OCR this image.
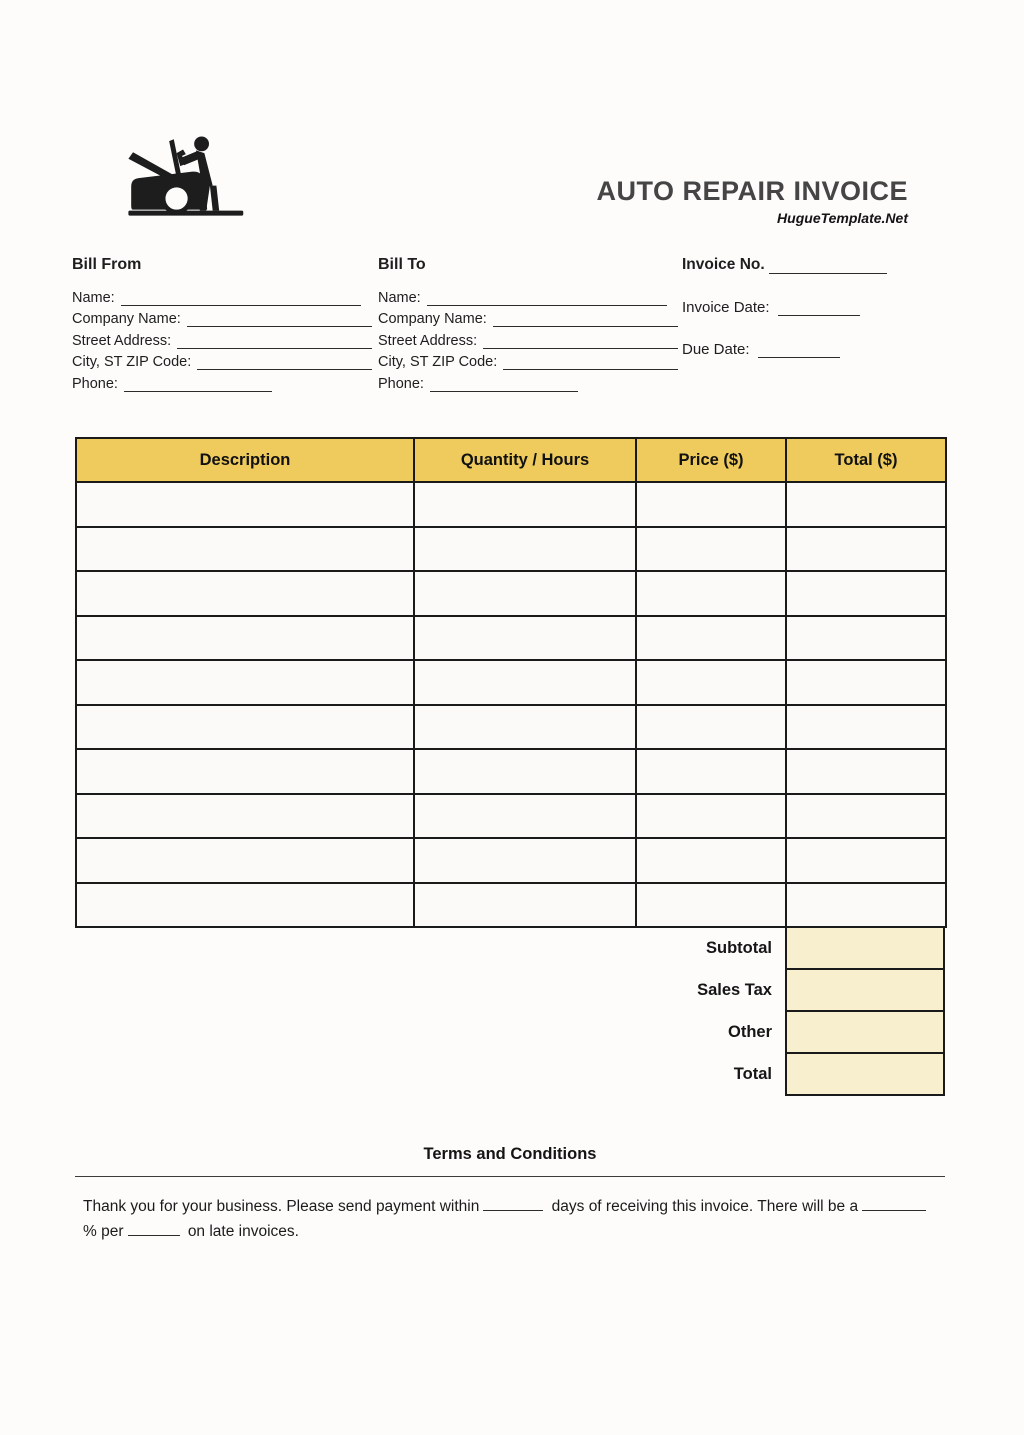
AUTO REPAIR INVOICE
HugueTemplate.Net
Bill From
Name:
Company Name:
Street Address:
City, ST ZIP Code:
Phone:
Bill To
Name:
Company Name:
Street Address:
City, ST ZIP Code:
Phone:
Invoice No.
Invoice Date:
Due Date:
Description	Quantity / Hours	Price ($)	Total ($)

Subtotal
Sales Tax
Other
Total
Terms and Conditions
Thank you for your business. Please send payment within	days of receiving this invoice. There will be a % per	on late invoices.
